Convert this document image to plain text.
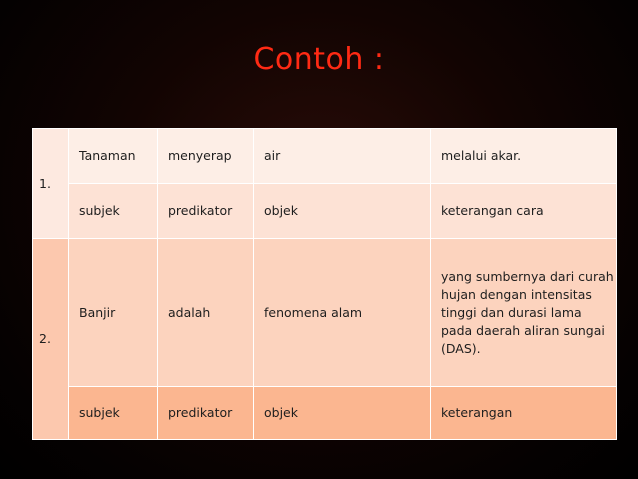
Contoh :
1.	Tanaman	menyerap	air	melalui akar.
	subjek	predikator	objek	keterangan cara
2.	Banjir	adalah	fenomena alam	yang sumbernya dari curah hujan dengan intensitas tinggi dan durasi lama pada daerah aliran sungai (DAS).
	subjek	predikator	objek	keterangan
